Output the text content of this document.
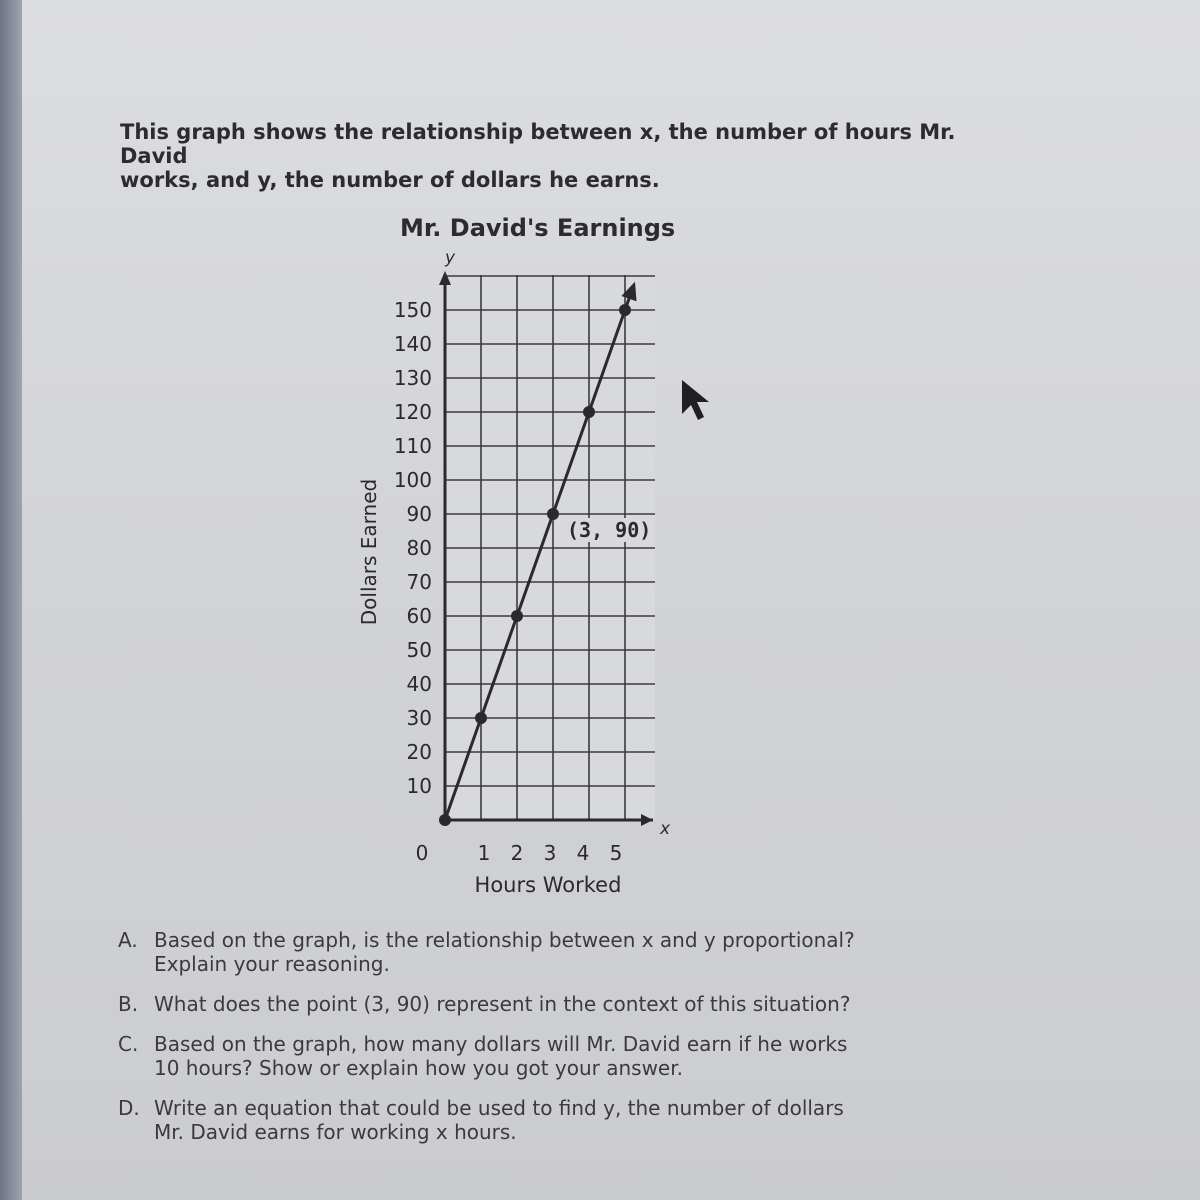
This graph shows the relationship between x, the number of hours Mr. David

works, and y, the number of dollars he earns.

Mr. David's Earnings
y
x
10
20
30
40
50
60
70
80
90
100
110
120
130
140
150
1 2 3 4 5
0
Hours Worked
Dollars Earned	(3, 90)
A. Based on the graph, is the relationship between x and y proportional?
Explain your reasoning.
B. What does the point (3, 90) represent in the context of this situation?
C. Based on the graph, how many dollars will Mr. David earn if he works
10 hours? Show or explain how you got your answer.
D. Write an equation that could be used to find y, the number of dollars
Mr. David earns for working x hours.
